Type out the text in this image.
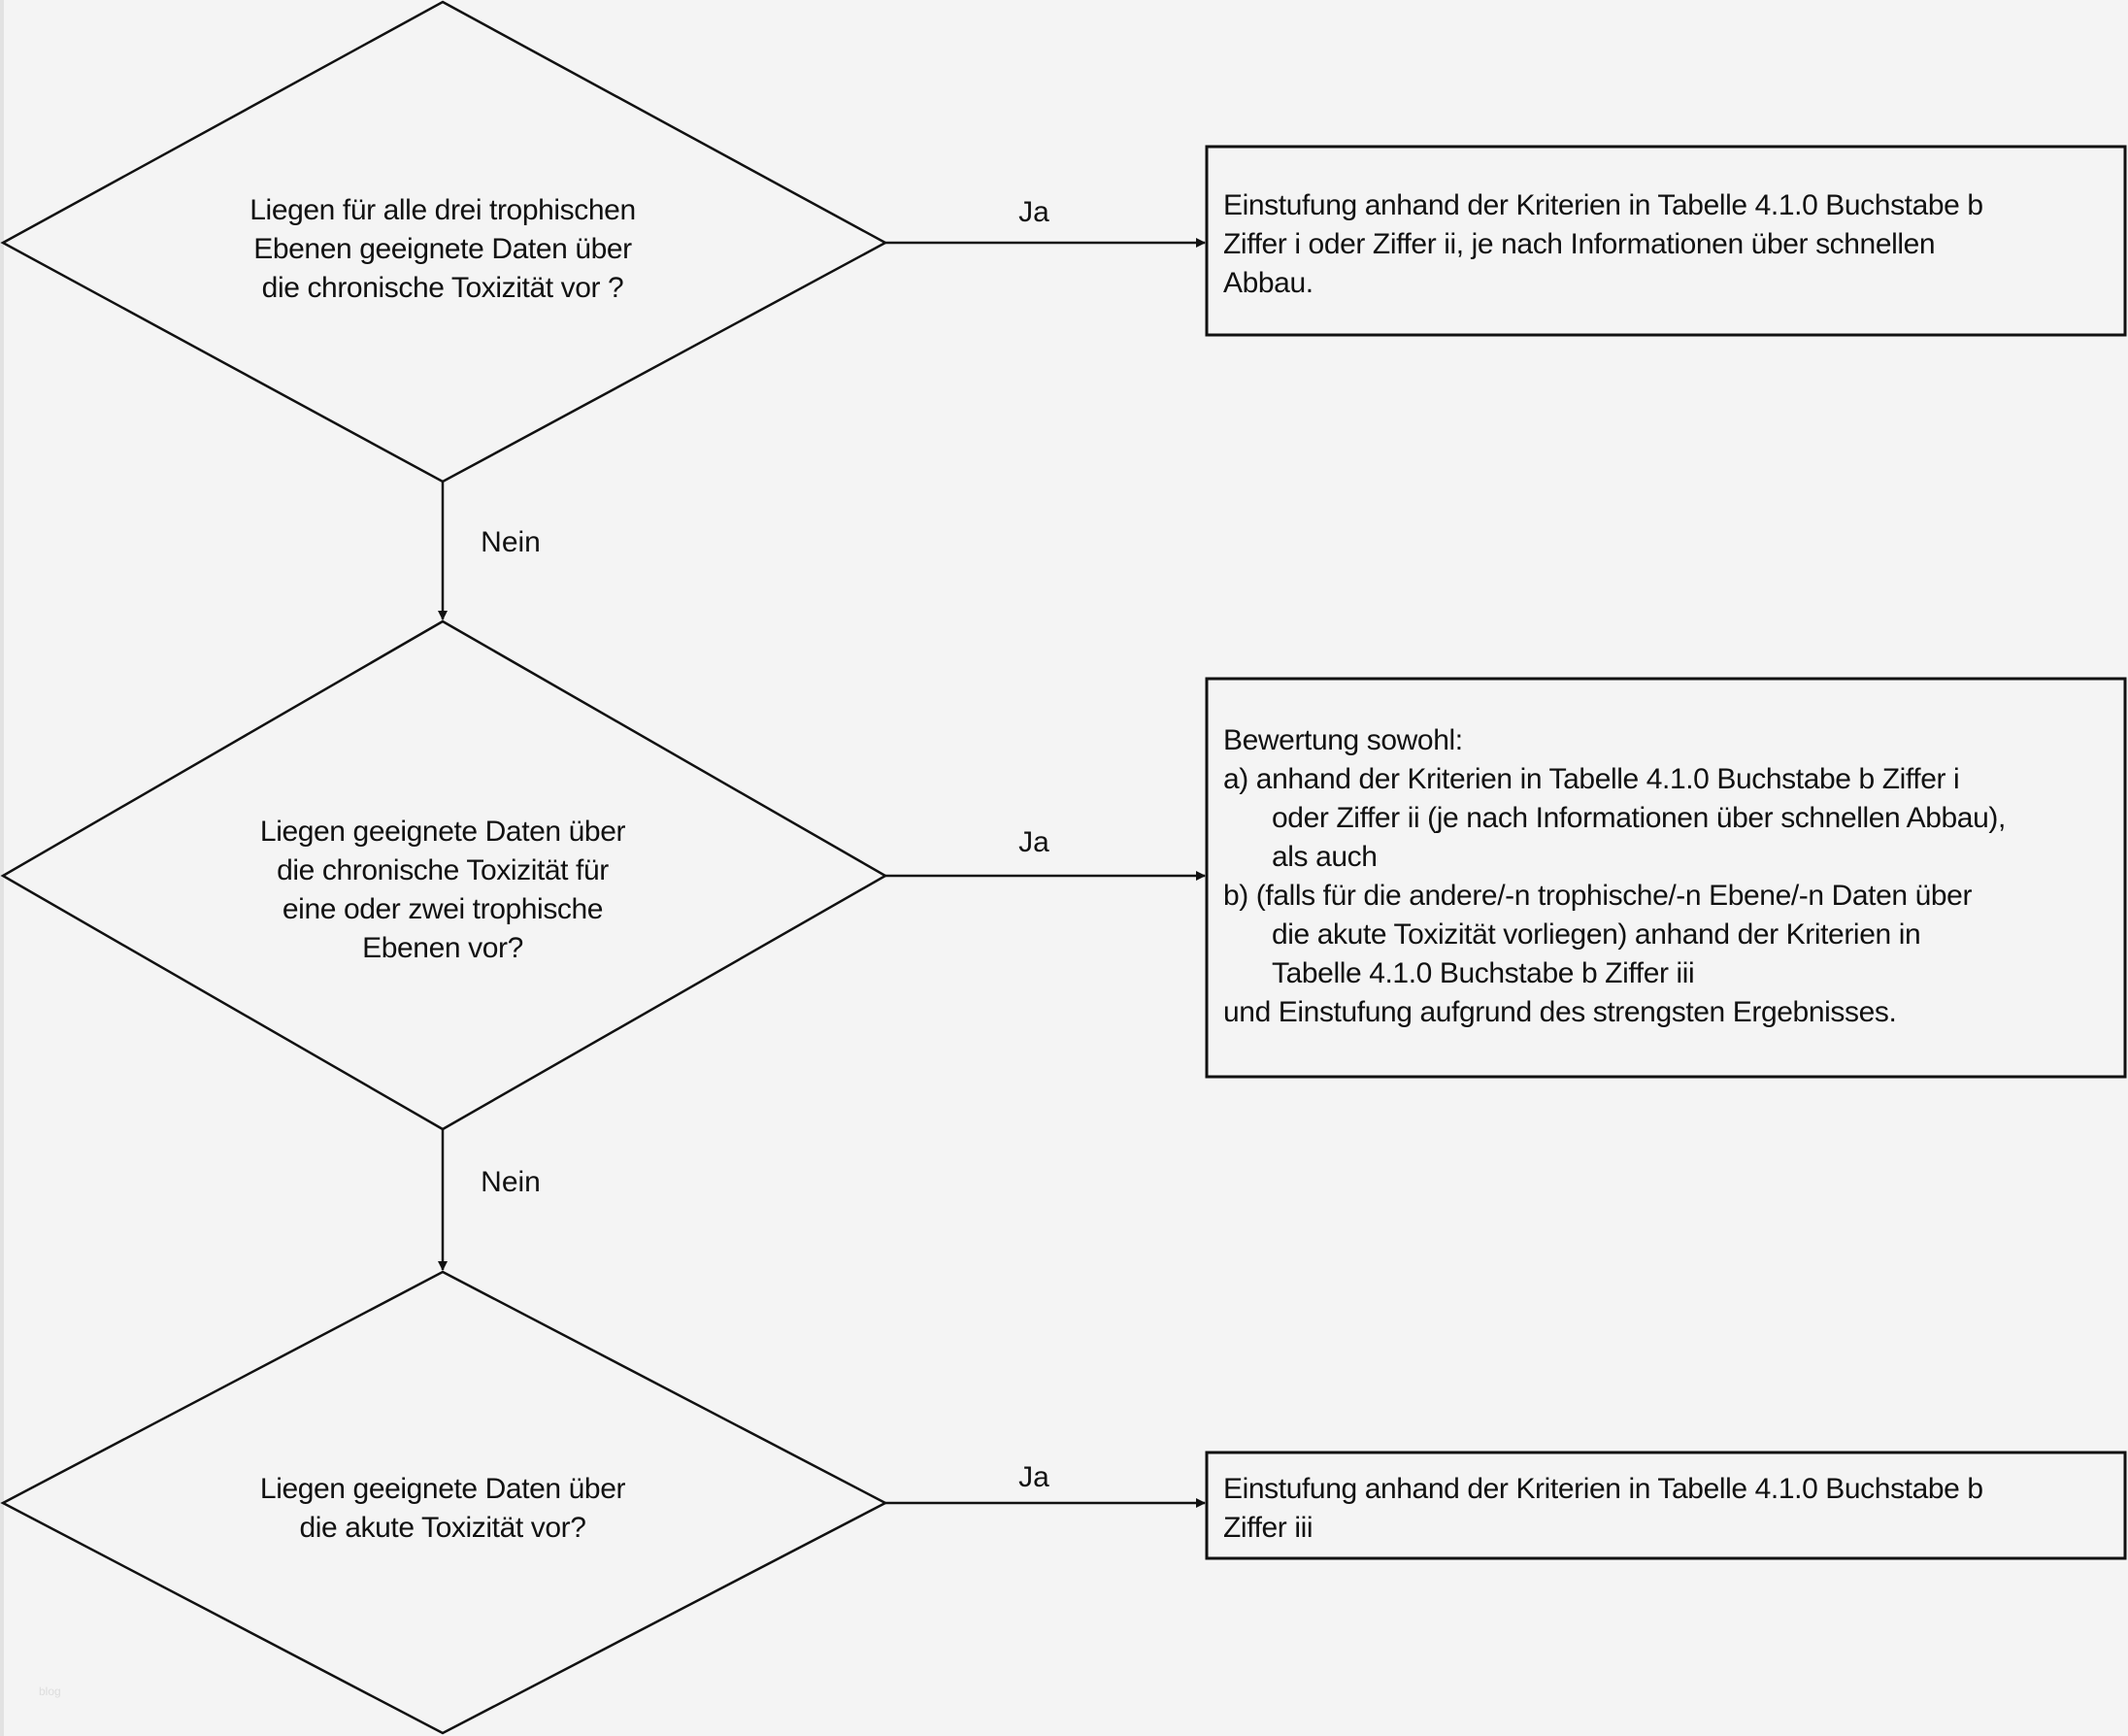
Liegen für alle drei trophischen
Ebenen geeignete Daten über
die chronische Toxizität vor ?
Liegen geeignete Daten über
die chronische Toxizität für
eine oder zwei trophische
Ebenen vor?
Liegen geeignete Daten über
die akute Toxizität vor?
Ja
Ja
Ja
Nein
Nein
Einstufung anhand der Kriterien in Tabelle 4.1.0 Buchstabe b
Ziffer i oder Ziffer ii, je nach Informationen über schnellen
Abbau.
Bewertung sowohl:
a) anhand der Kriterien in Tabelle 4.1.0 Buchstabe b Ziffer i
oder Ziffer ii (je nach Informationen über schnellen Abbau),
als auch
b) (falls für die andere/-n trophische/-n Ebene/-n Daten über
die akute Toxizität vorliegen) anhand der Kriterien in
Tabelle 4.1.0 Buchstabe b Ziffer iii
und Einstufung aufgrund des strengsten Ergebnisses.
Einstufung anhand der Kriterien in Tabelle 4.1.0 Buchstabe b
Ziffer iii
blog
